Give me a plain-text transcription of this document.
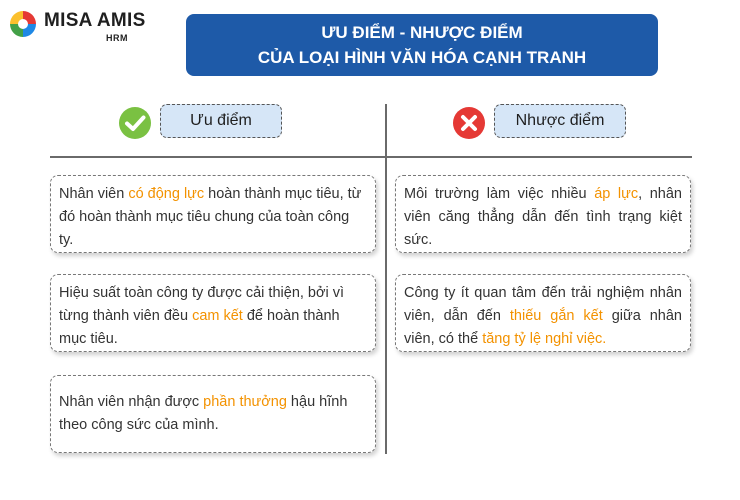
MISA AMIS
HRM	ƯU ĐIỂM - NHƯỢC ĐIỂM
CỦA LOẠI HÌNH VĂN HÓA CẠNH TRANH
Ưu điểm	Nhược điểm
Nhân viên có động lực hoàn thành mục tiêu, từ đó hoàn thành mục tiêu chung của toàn công ty.
Hiệu suất toàn công ty được cải thiện, bởi vì từng thành viên đều cam kết để hoàn thành mục tiêu.
Nhân viên nhận được phần thưởng hậu hĩnh theo công sức của mình.
Môi trường làm việc nhiều áp lực, nhân viên căng thẳng dẫn đến tình trạng kiệt sức.
Công ty ít quan tâm đến trải nghiệm nhân viên, dẫn đến thiếu gắn kết giữa nhân viên, có thể tăng tỷ lệ nghỉ việc.
